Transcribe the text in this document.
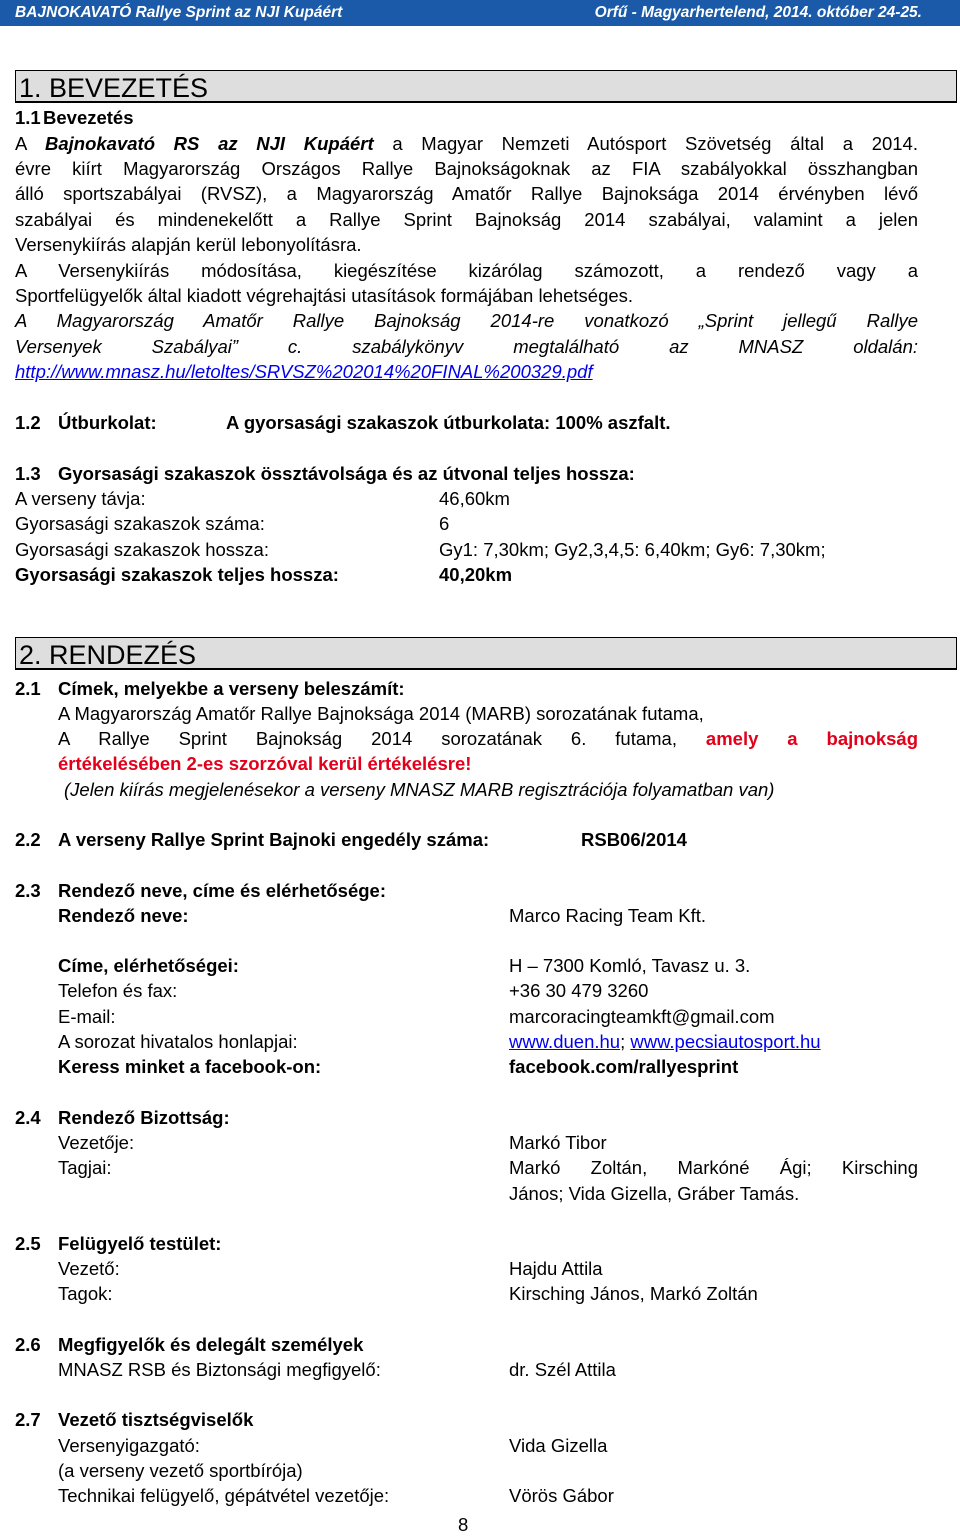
BAJNOKAVATÓ Rallye Sprint az NJI Kupáért	Orfű - Magyarhertelend, 2014. október 24-25.
1. BEVEZETÉS
1.1 Bevezetés
A Bajnokavató RS az NJI Kupáért a Magyar Nemzeti Autósport Szövetség által a 2014.
évre kiírt Magyarország Országos Rallye Bajnokságoknak az FIA szabályokkal összhangban
álló sportszabályai (RVSZ), a Magyarország Amatőr Rallye Bajnoksága 2014 érvényben lévő
szabályai és mindenekelőtt a Rallye Sprint Bajnokság 2014 szabályai, valamint a jelen
Versenykiírás alapján kerül lebonyolításra.
A Versenykiírás módosítása, kiegészítése kizárólag számozott, a rendező vagy a
Sportfelügyelők által kiadott végrehajtási utasítások formájában lehetséges.
A Magyarország Amatőr Rallye Bajnokság 2014-re vonatkozó „Sprint jellegű Rallye
Versenyek Szabályai” c. szabálykönyv megtalálható az MNASZ oldalán:
http://www.mnasz.hu/letoltes/SRVSZ%202014%20FINAL%200329.pdf
1.2 Útburkolat:	A gyorsasági szakaszok útburkolata: 100% aszfalt.
1.3 Gyorsasági szakaszok össztávolsága és az útvonal teljes hossza:
A verseny távja:	46,60km
Gyorsasági szakaszok száma:	6
Gyorsasági szakaszok hossza:	Gy1: 7,30km; Gy2,3,4,5: 6,40km; Gy6: 7,30km;
Gyorsasági szakaszok teljes hossza:	40,20km
2. RENDEZÉS
2.1 Címek, melyekbe a verseny beleszámít:
A Magyarország Amatőr Rallye Bajnoksága 2014 (MARB) sorozatának futama,
A Rallye Sprint Bajnokság 2014 sorozatának 6. futama, amely a bajnokság
értékelésében 2-es szorzóval kerül értékelésre!
(Jelen kiírás megjelenésekor a verseny MNASZ MARB regisztrációja folyamatban van)
2.2 A verseny Rallye Sprint Bajnoki engedély száma:	RSB06/2014
2.3 Rendező neve, címe és elérhetősége:
Rendező neve:	Marco Racing Team Kft.
Címe, elérhetőségei:	H – 7300 Komló, Tavasz u. 3.
Telefon és fax:	+36 30 479 3260
E-mail:	marcoracingteamkft@gmail.com
A sorozat hivatalos honlapjai:	www.duen.hu; www.pecsiautosport.hu
Keress minket a facebook-on:	facebook.com/rallyesprint
2.4 Rendező Bizottság:
Vezetője:	Markó Tibor
Tagjai:	Markó Zoltán, Markóné Ági; Kirsching
János; Vida Gizella, Gráber Tamás.
2.5 Felügyelő testület:
Vezető:	Hajdu Attila
Tagok:	Kirsching János, Markó Zoltán
2.6 Megfigyelők és delegált személyek
MNASZ RSB és Biztonsági megfigyelő:	dr. Szél Attila
2.7 Vezető tisztségviselők
Versenyigazgató:	Vida Gizella
(a verseny vezető sportbírója)
Technikai felügyelő, gépátvétel vezetője:	Vörös Gábor
8
